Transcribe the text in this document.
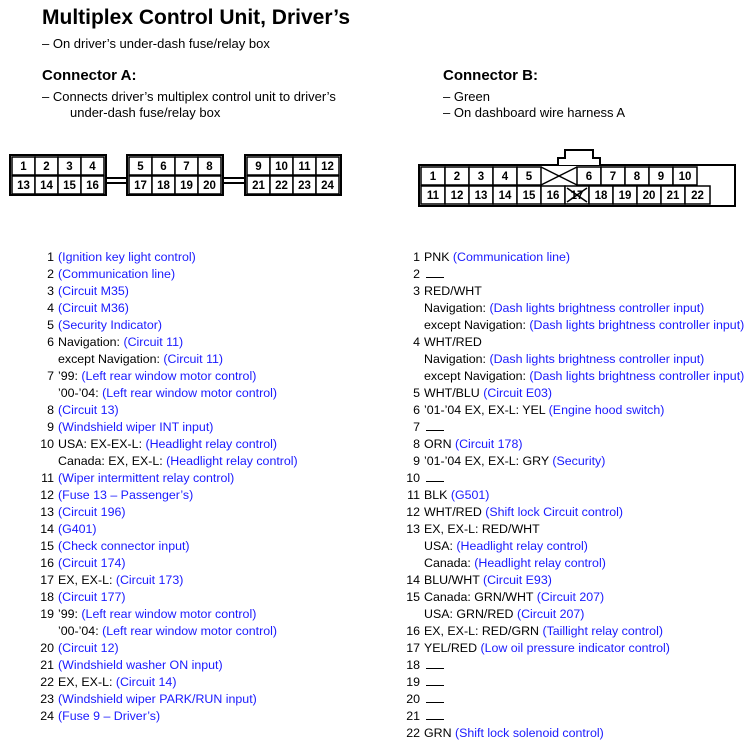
Multiplex Control Unit, Driver’s
– On driver’s under-dash fuse/relay box
Connector A:
– Connects driver’s multiplex control unit to driver’s
under-dash fuse/relay box
Connector B:
– Green
– On dashboard wire harness A
1
13
2
14
3
15
4
16
5
17
6
18
7
19
8
20
9
21
10
22
11
23
12
24
11 12 13 14 15 16 17 18 19 20 21 22
1 2 3 4 5	6 7 8 9 10
1 (Ignition key light control)
2 (Communication line)
3 (Circuit M35)
4 (Circuit M36)
5 (Security Indicator)
6 Navigation: (Circuit 11)
except Navigation: (Circuit 11)
7 ’99: (Left rear window motor control)
’00-’04: (Left rear window motor control)
8 (Circuit 13)
9 (Windshield wiper INT input)
10 USA: EX-EX-L: (Headlight relay control)
Canada: EX, EX-L: (Headlight relay control)
11 (Wiper intermittent relay control)
12 (Fuse 13 – Passenger’s)
13 (Circuit 196)
14 (G401)
15 (Check connector input)
16 (Circuit 174)
17 EX, EX-L: (Circuit 173)
18 (Circuit 177)
19 ’99: (Left rear window motor control)
’00-’04: (Left rear window motor control)
20 (Circuit 12)
21 (Windshield washer ON input)
22 EX, EX-L: (Circuit 14)
23 (Windshield wiper PARK/RUN input)
24 (Fuse 9 – Driver’s)
1 PNK (Communication line)
2
3 RED/WHT
Navigation: (Dash lights brightness controller input)
except Navigation: (Dash lights brightness controller input)
4 WHT/RED
Navigation: (Dash lights brightness controller input)
except Navigation: (Dash lights brightness controller input)
5 WHT/BLU (Circuit E03)
6 ’01-’04 EX, EX-L: YEL (Engine hood switch)
7
8 ORN (Circuit 178)
9 ’01-’04 EX, EX-L: GRY (Security)
10
11 BLK (G501)
12 WHT/RED (Shift lock Circuit control)
13 EX, EX-L: RED/WHT
USA: (Headlight relay control)
Canada: (Headlight relay control)
14 BLU/WHT (Circuit E93)
15 Canada: GRN/WHT (Circuit 207)
USA: GRN/RED (Circuit 207)
16 EX, EX-L: RED/GRN (Taillight relay control)
17 YEL/RED (Low oil pressure indicator control)
18
19
20
21
22 GRN (Shift lock solenoid control)
